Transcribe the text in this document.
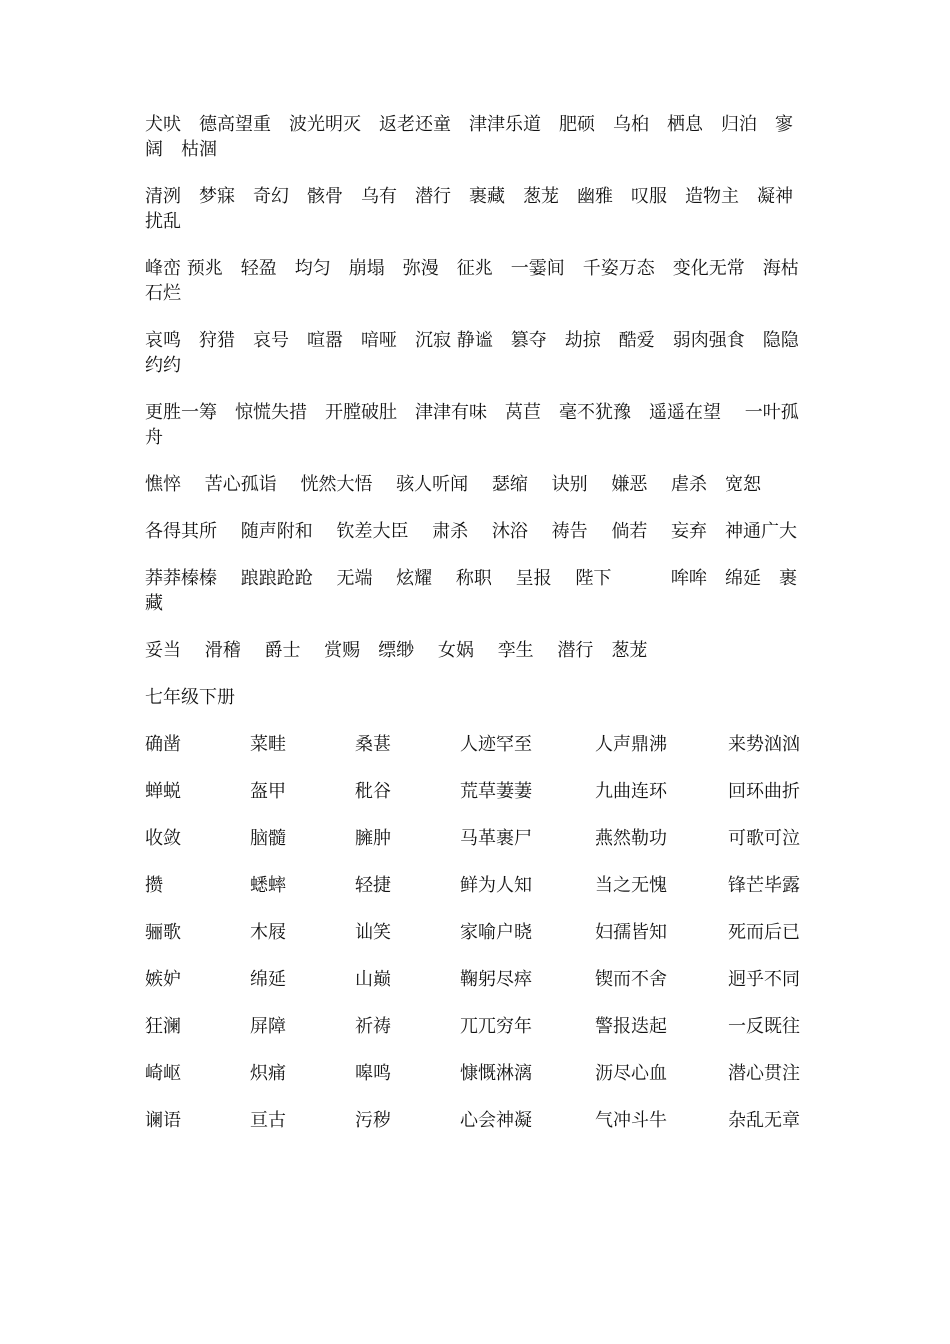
犬吠　德高望重　波光明灭　返老还童　津津乐道　肥硕　乌桕　栖息　归泊　寥阔　枯涸

清洌　梦寐　奇幻　骸骨　乌有　潜行　裹藏　葱茏　幽雅　叹服　造物主　凝神　 扰乱

峰峦 预兆　轻盈　均匀　崩塌　弥漫　征兆　一霎间　千姿万态　变化无常　海枯石烂

哀鸣　狩猎　哀号　喧嚣　喑哑　沉寂 静谧　篡夺　劫掠　酷爱　弱肉强食　隐隐约约

更胜一筹　惊慌失措　开膛破肚　津津有味　莴苣　毫不犹豫　遥遥在望　 一叶孤舟

憔悴　 苦心孤诣　 恍然大悟　 骇人听闻　 瑟缩　 诀别　 嫌恶　 虐杀　宽恕

各得其所　 随声附和　 钦差大臣　 肃杀　 沐浴　 祷告　 倘若　 妄弃　神通广大

莽莽榛榛　 踉踉跄跄　 无端　 炫耀　 称职　 呈报　 陛下　　　 哞哞　绵延　裹藏

妥当　 滑稽　 爵士　 赏赐　缥缈　 女娲　 孪生　 潜行　葱茏

七年级下册
确凿	菜畦	桑葚	人迹罕至	人声鼎沸	来势汹汹
蝉蜕	盔甲	秕谷	荒草萋萋	九曲连环	回环曲折
收敛	脑髓	臃肿	马革裹尸	燕然勒功	可歌可泣
攒	蟋蟀	轻捷	鲜为人知	当之无愧	锋芒毕露
骊歌	木屐	讪笑	家喻户晓	妇孺皆知	死而后已
嫉妒	绵延	山巅	鞠躬尽瘁	锲而不舍	迥乎不同
狂澜	屏障	祈祷	兀兀穷年	警报迭起	一反既往
崎岖	炽痛	嗥鸣	慷慨淋漓	沥尽心血	潜心贯注
谰语	亘古	污秽	心会神凝	气冲斗牛	杂乱无章
